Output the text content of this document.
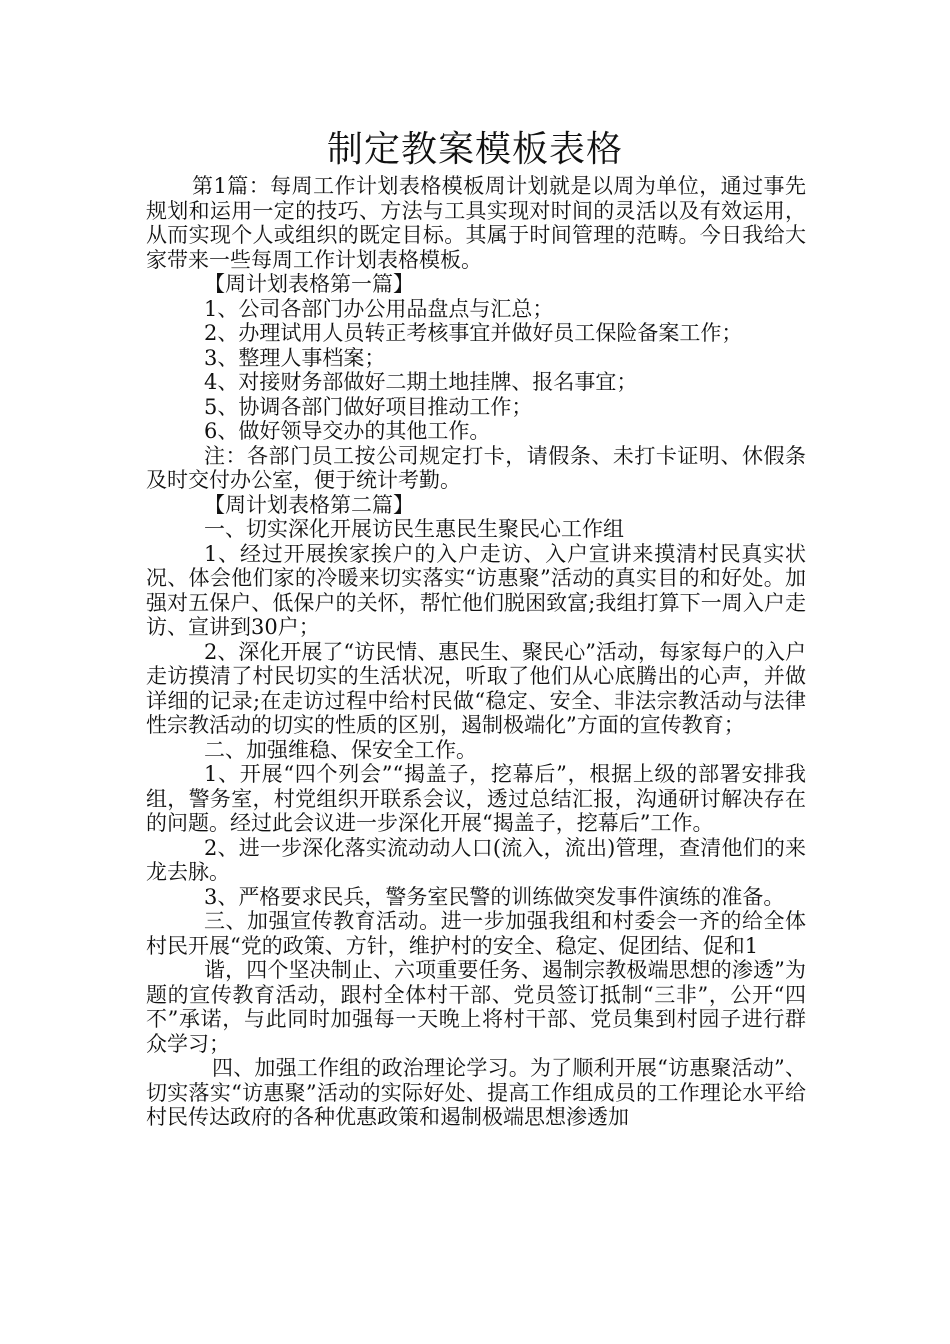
制定教案模板表格

第1篇：每周工作计划表格模板周计划就是以周为单位，通过事先规划和运用一定的技巧、方法与工具实现对时间的灵活以及有效运用，从而实现个人或组织的既定目标。其属于时间管理的范畴。今日我给大家带来一些每周工作计划表格模板。

【周计划表格第一篇】

1、公司各部门办公用品盘点与汇总；

2、办理试用人员转正考核事宜并做好员工保险备案工作；

3、整理人事档案；

4、对接财务部做好二期土地挂牌、报名事宜；

5、协调各部门做好项目推动工作；

6、做好领导交办的其他工作。

注：各部门员工按公司规定打卡，请假条、未打卡证明、休假条及时交付办公室，便于统计考勤。

【周计划表格第二篇】

一、切实深化开展访民生惠民生聚民心工作组

1、经过开展挨家挨户的入户走访、入户宣讲来摸清村民真实状况、体会他们家的冷暖来切实落实“访惠聚”活动的真实目的和好处。加强对五保户、低保户的关怀，帮忙他们脱困致富;我组打算下一周入户走访、宣讲到30户；

2、深化开展了“访民情、惠民生、聚民心”活动，每家每户的入户走访摸清了村民切实的生活状况，听取了他们从心底腾出的心声，并做详细的记录;在走访过程中给村民做“稳定、安全、非法宗教活动与法律性宗教活动的切实的性质的区别，遏制极端化”方面的宣传教育；

二、加强维稳、保安全工作。

1、开展“四个列会”“揭盖子，挖幕后”，根据上级的部署安排我组，警务室，村党组织开联系会议，透过总结汇报，沟通研讨解决存在的问题。经过此会议进一步深化开展“揭盖子，挖幕后”工作。

2、进一步深化落实流动动人口(流入，流出)管理，查清他们的来龙去脉。

3、严格要求民兵，警务室民警的训练做突发事件演练的准备。

三、加强宣传教育活动。进一步加强我组和村委会一齐的给全体村民开展“党的政策、方针，维护村的安全、稳定、促团结、促和1

谐，四个坚决制止、六项重要任务、遏制宗教极端思想的渗透”为题的宣传教育活动，跟村全体村干部、党员签订抵制“三非”，公开“四不”承诺，与此同时加强每一天晚上将村干部、党员集到村园子进行群众学习；

四、加强工作组的政治理论学习。为了顺利开展“访惠聚活动”、切实落实“访惠聚”活动的实际好处、提高工作组成员的工作理论水平给村民传达政府的各种优惠政策和遏制极端思想渗透加
